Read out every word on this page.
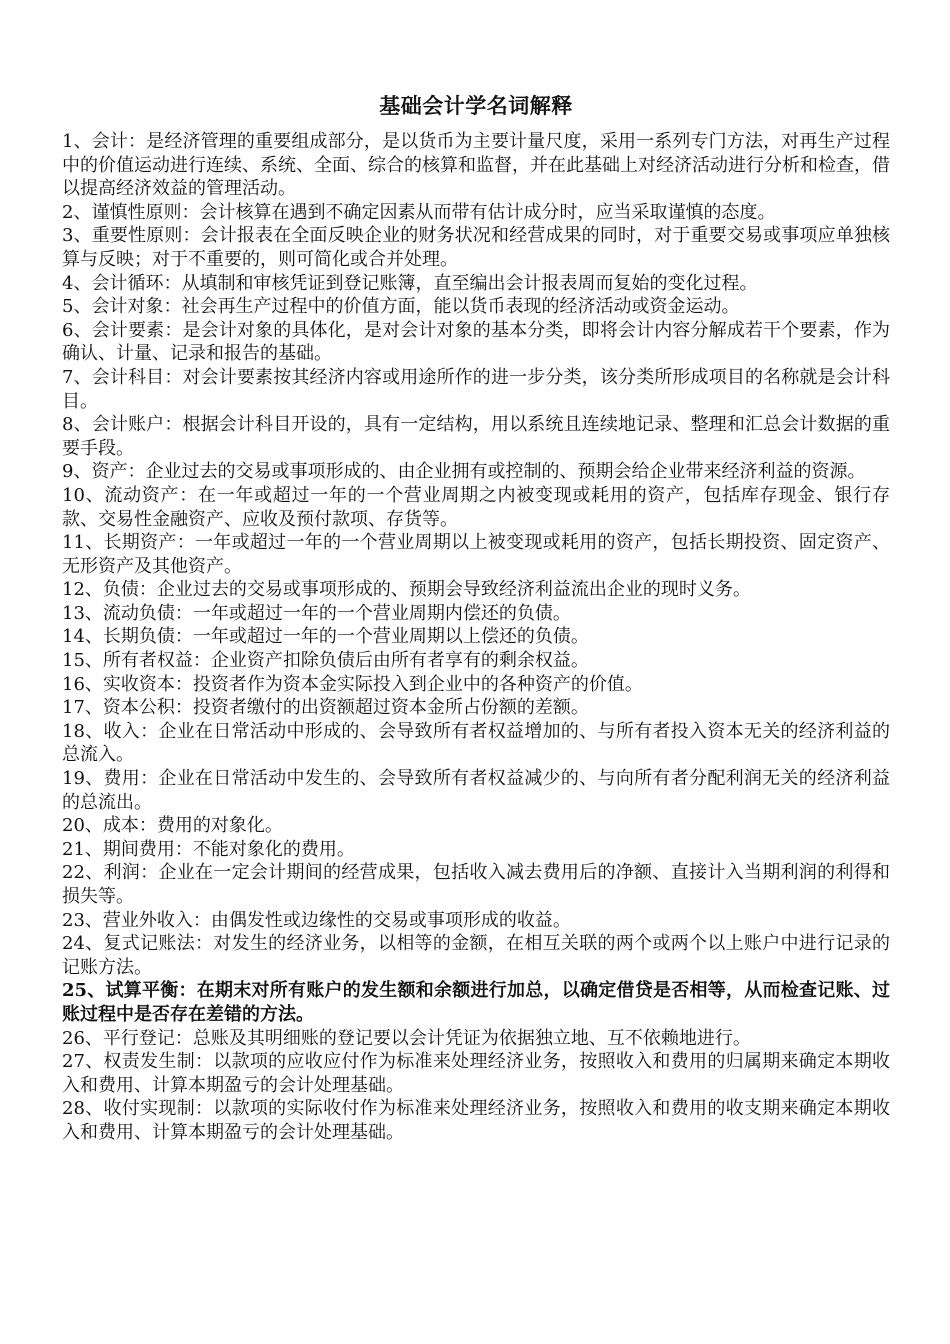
基础会计学名词解释

1、会计：是经济管理的重要组成部分，是以货币为主要计量尺度，采用一系列专门方法，对再生产过程中的价值运动进行连续、系统、全面、综合的核算和监督，并在此基础上对经济活动进行分析和检查，借以提高经济效益的管理活动。

2、谨慎性原则：会计核算在遇到不确定因素从而带有估计成分时，应当采取谨慎的态度。

3、重要性原则：会计报表在全面反映企业的财务状况和经营成果的同时，对于重要交易或事项应单独核算与反映；对于不重要的，则可简化或合并处理。

4、会计循环：从填制和审核凭证到登记账簿，直至编出会计报表周而复始的变化过程。

5、会计对象：社会再生产过程中的价值方面，能以货币表现的经济活动或资金运动。

6、会计要素：是会计对象的具体化，是对会计对象的基本分类，即将会计内容分解成若干个要素，作为确认、计量、记录和报告的基础。

7、会计科目：对会计要素按其经济内容或用途所作的进一步分类，该分类所形成项目的名称就是会计科目。

8、会计账户：根据会计科目开设的，具有一定结构，用以系统且连续地记录、整理和汇总会计数据的重要手段。

9、资产：企业过去的交易或事项形成的、由企业拥有或控制的、预期会给企业带来经济利益的资源。

10、流动资产：在一年或超过一年的一个营业周期之内被变现或耗用的资产，包括库存现金、银行存款、交易性金融资产、应收及预付款项、存货等。

11、长期资产：一年或超过一年的一个营业周期以上被变现或耗用的资产，包括长期投资、固定资产、无形资产及其他资产。

12、负债：企业过去的交易或事项形成的、预期会导致经济利益流出企业的现时义务。

13、流动负债：一年或超过一年的一个营业周期内偿还的负债。

14、长期负债：一年或超过一年的一个营业周期以上偿还的负债。

15、所有者权益：企业资产扣除负债后由所有者享有的剩余权益。

16、实收资本：投资者作为资本金实际投入到企业中的各种资产的价值。

17、资本公积：投资者缴付的出资额超过资本金所占份额的差额。

18、收入：企业在日常活动中形成的、会导致所有者权益增加的、与所有者投入资本无关的经济利益的总流入。

19、费用：企业在日常活动中发生的、会导致所有者权益减少的、与向所有者分配利润无关的经济利益的总流出。

20、成本：费用的对象化。

21、期间费用：不能对象化的费用。

22、利润：企业在一定会计期间的经营成果，包括收入减去费用后的净额、直接计入当期利润的利得和损失等。

23、营业外收入：由偶发性或边缘性的交易或事项形成的收益。

24、复式记账法：对发生的经济业务，以相等的金额，在相互关联的两个或两个以上账户中进行记录的记账方法。

25、试算平衡：在期末对所有账户的发生额和余额进行加总，以确定借贷是否相等，从而检查记账、过账过程中是否存在差错的方法。

26、平行登记：总账及其明细账的登记要以会计凭证为依据独立地、互不依赖地进行。

27、权责发生制：以款项的应收应付作为标准来处理经济业务，按照收入和费用的归属期来确定本期收入和费用、计算本期盈亏的会计处理基础。

28、收付实现制：以款项的实际收付作为标准来处理经济业务，按照收入和费用的收支期来确定本期收入和费用、计算本期盈亏的会计处理基础。
